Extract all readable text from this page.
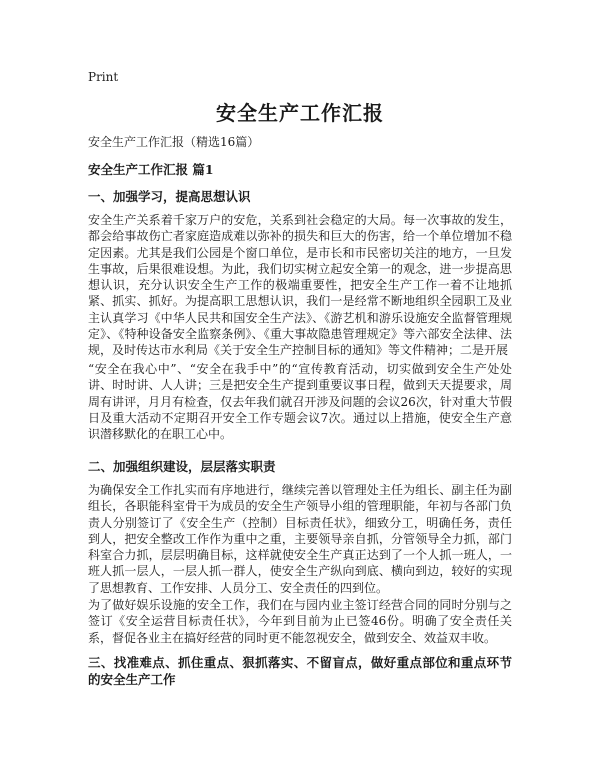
Print
安全生产工作汇报
安全生产工作汇报（精选16篇）
安全生产工作汇报 篇1
一、加强学习，提高思想认识

安全生产关系着千家万户的安危，关系到社会稳定的大局。每一次事故的发生，都会给事故伤亡者家庭造成难以弥补的损失和巨大的伤害，给一个单位增加不稳定因素。尤其是我们公园是个窗口单位，是市长和市民密切关注的地方，一旦发生事故，后果很难设想。为此，我们切实树立起安全第一的观念，进一步提高思想认识，充分认识安全生产工作的极端重要性，把安全生产工作一着不让地抓紧、抓实、抓好。为提高职工思想认识，我们一是经常不断地组织全园职工及业主认真学习《中华人民共和国安全生产法》、《游艺机和游乐设施安全监督管理规定》、《特种设备安全监察条例》、《重大事故隐患管理规定》等六部安全法律、法规，及时传达市水利局《关于安全生产控制目标的通知》等文件精神；二是开展

“安全在我心中”、“安全在我手中”的“宣传教育活动，切实做到安全生产处处讲、时时讲、人人讲；三是把安全生产提到重要议事日程，做到天天提要求，周周有讲评，月月有检查，仅去年我们就召开涉及问题的会议26次，针对重大节假日及重大活动不定期召开安全工作专题会议7次。通过以上措施，使安全生产意识潜移默化的在职工心中。

二、加强组织建设，层层落实职责

为确保安全工作扎实而有序地进行，继续完善以管理处主任为组长、副主任为副组长，各职能科室骨干为成员的安全生产领导小组的管理职能，年初与各部门负责人分别签订了《安全生产（控制）目标责任状》，细致分工，明确任务，责任到人，把安全整改工作作为重中之重，主要领导亲自抓，分管领导全力抓，部门科室合力抓，层层明确目标，这样就使安全生产真正达到了一个人抓一班人，一班人抓一层人，一层人抓一群人，使安全生产纵向到底、横向到边，较好的实现了思想教育、工作安排、人员分工、安全责任的四到位。

为了做好娱乐设施的安全工作，我们在与园内业主签订经营合同的同时分别与之签订《安全运营目标责任状》，今年到目前为止已签46份。明确了安全责任关系，督促各业主在搞好经营的同时更不能忽视安全，做到安全、效益双丰收。

三、找准难点、抓住重点、狠抓落实、不留盲点，做好重点部位和重点环节的安全生产工作
